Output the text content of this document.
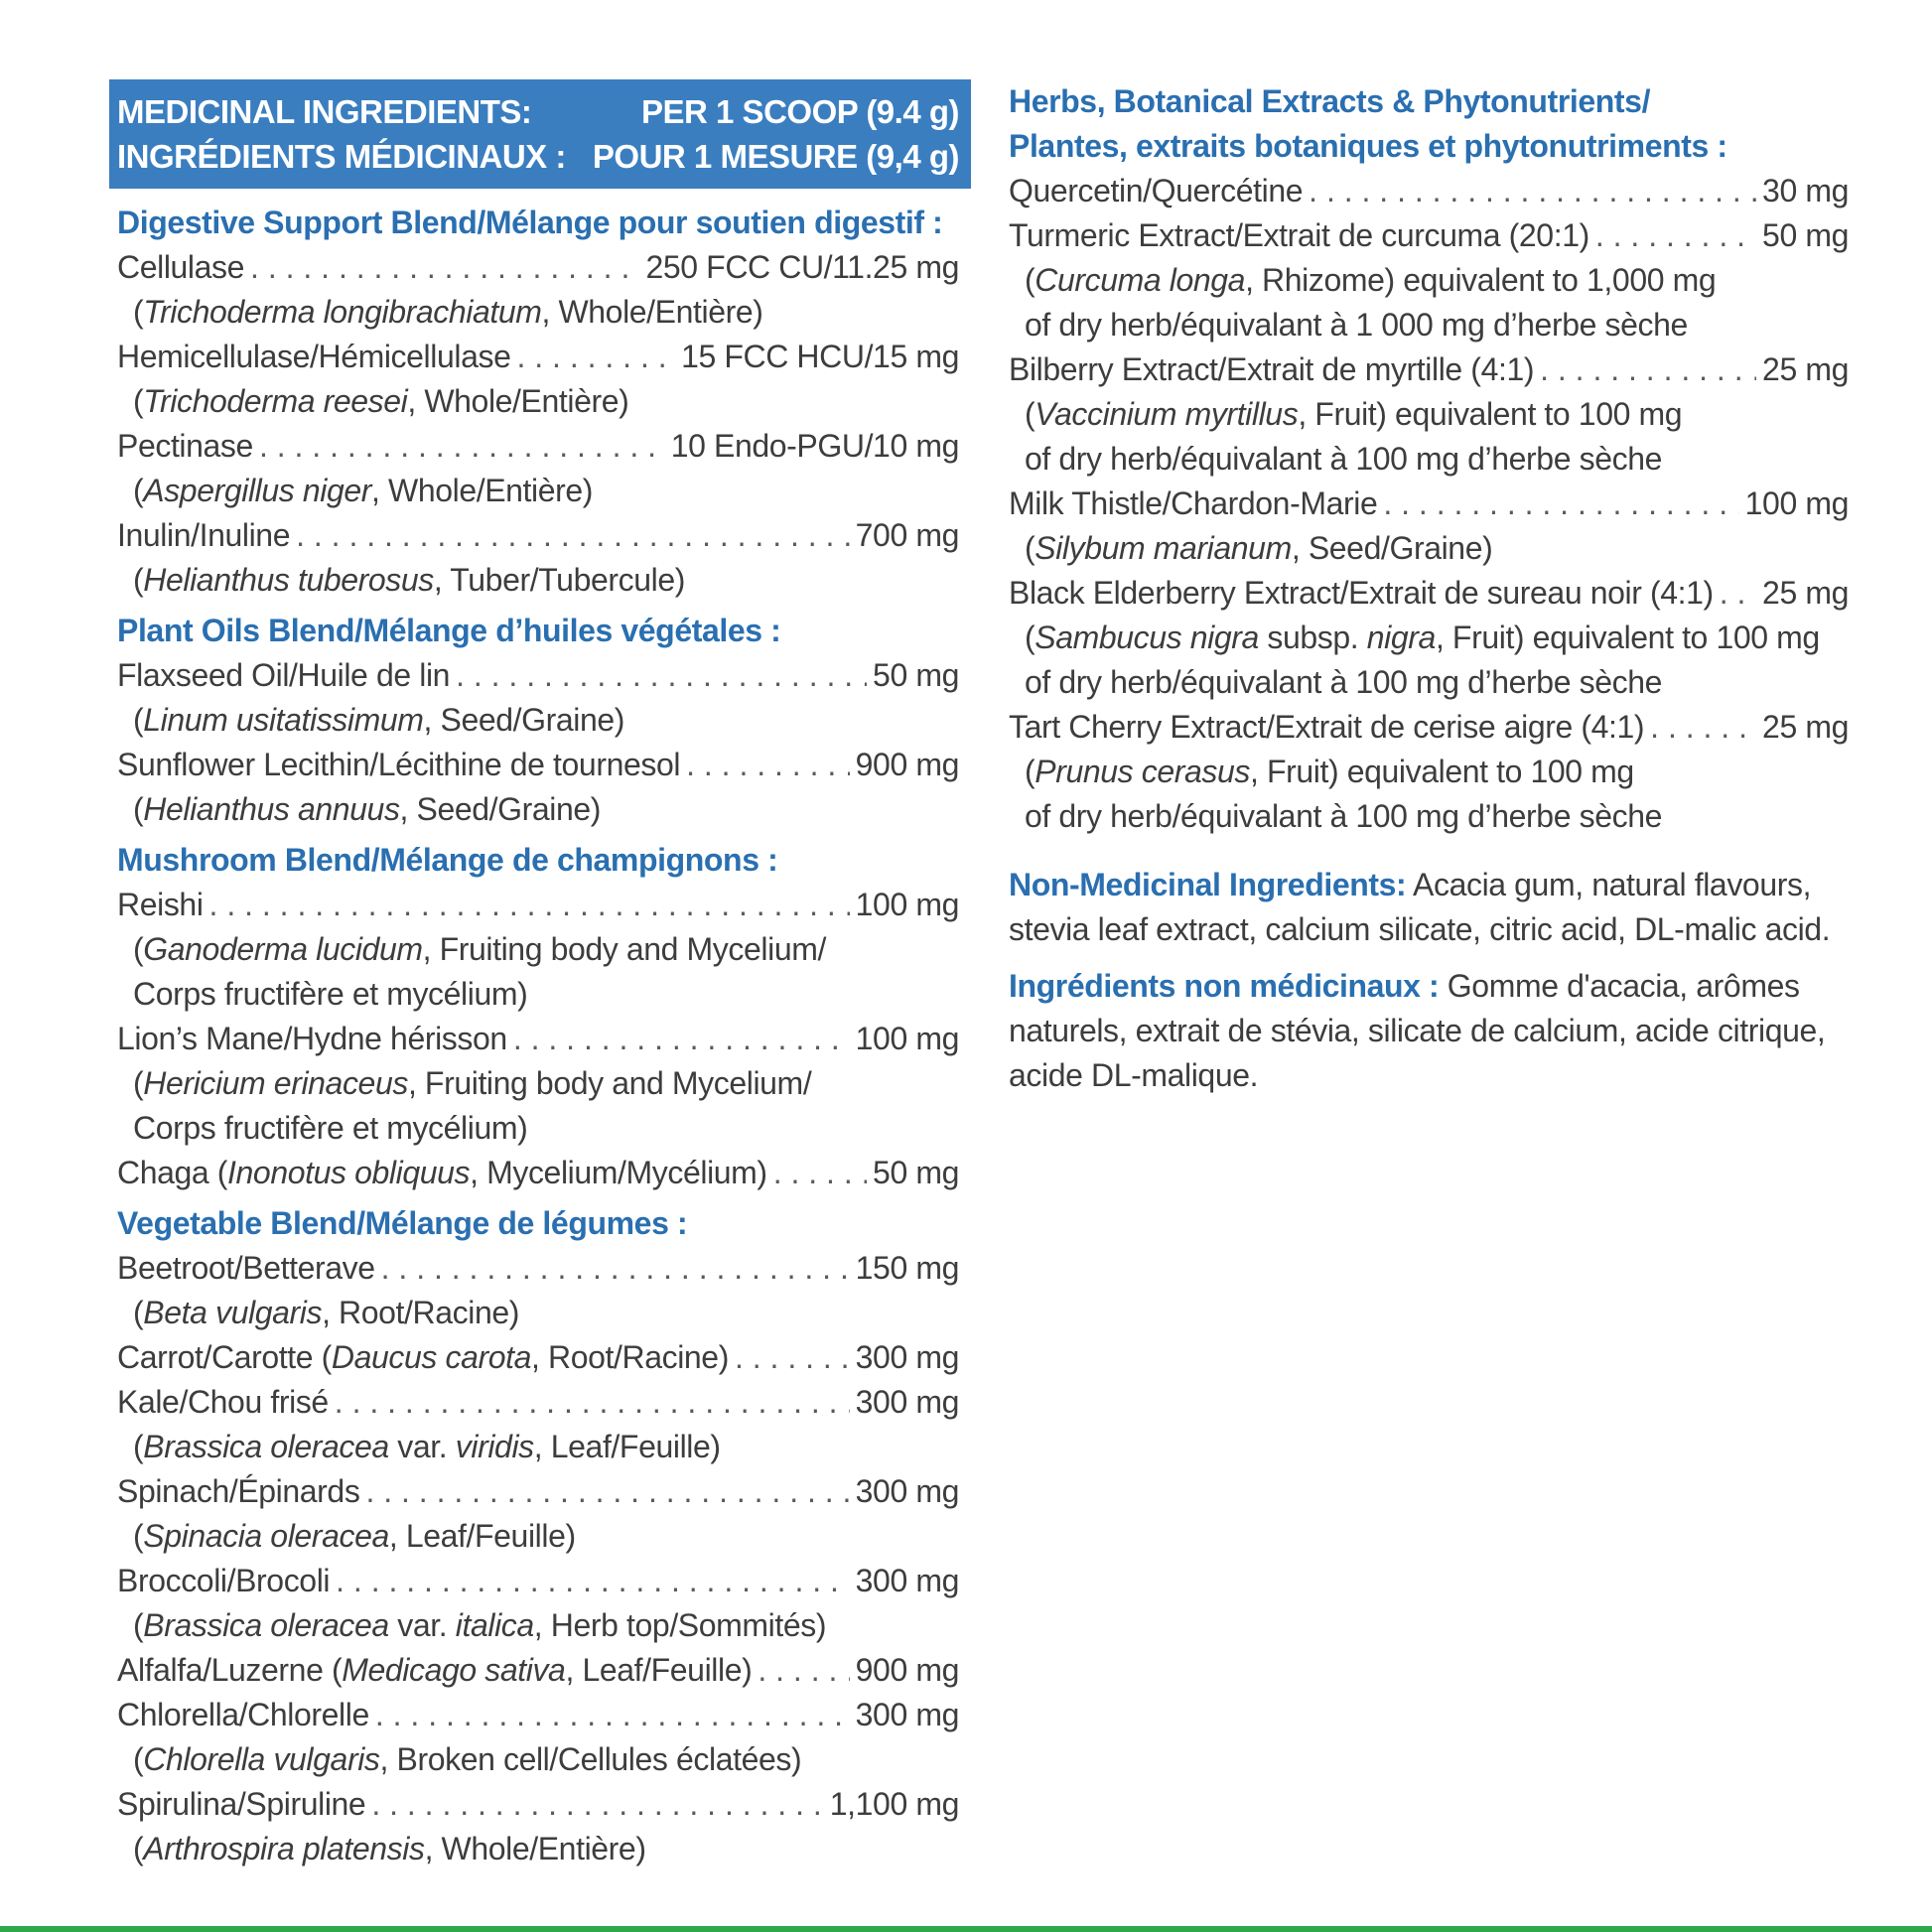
MEDICINAL INGREDIENTS:	PER 1 SCOOP (9.4 g)
INGRÉDIENTS MÉDICINAUX : POUR 1 MESURE (9,4 g)
Digestive Support Blend/Mélange pour soutien digestif :
Cellulase . . .	250 FCC CU/11.25 mg
(Trichoderma longibrachiatum, Whole/Entière)
Hemicellulase/Hémicellulase . . .	15 FCC HCU/15 mg
(Trichoderma reesei, Whole/Entière)
Pectinase . . .	10 Endo-PGU/10 mg
(Aspergillus niger, Whole/Entière)
Inulin/Inuline . . .	700 mg
(Helianthus tuberosus, Tuber/Tubercule)
Plant Oils Blend/Mélange d’huiles végétales :
Flaxseed Oil/Huile de lin . . .	50 mg
(Linum usitatissimum, Seed/Graine)
Sunflower Lecithin/Lécithine de tournesol . . .	900 mg
(Helianthus annuus, Seed/Graine)
Mushroom Blend/Mélange de champignons :
Reishi . . .	100 mg
(Ganoderma lucidum, Fruiting body and Mycelium/
Corps fructifère et mycélium)
Lion’s Mane/Hydne hérisson . . .	100 mg
(Hericium erinaceus, Fruiting body and Mycelium/
Corps fructifère et mycélium)
Chaga (Inonotus obliquus, Mycelium/Mycélium) . . .	50 mg
Vegetable Blend/Mélange de légumes :
Beetroot/Betterave . . .	150 mg
(Beta vulgaris, Root/Racine)
Carrot/Carotte (Daucus carota, Root/Racine) . . .	300 mg
Kale/Chou frisé . . .	300 mg
(Brassica oleracea var. viridis, Leaf/Feuille)
Spinach/Épinards . . .	300 mg
(Spinacia oleracea, Leaf/Feuille)
Broccoli/Brocoli . . .	300 mg
(Brassica oleracea var. italica, Herb top/Sommités)
Alfalfa/Luzerne (Medicago sativa, Leaf/Feuille) . . .	900 mg
Chlorella/Chlorelle . . .	300 mg
(Chlorella vulgaris, Broken cell/Cellules éclatées)
Spirulina/Spiruline . . .	1,100 mg
(Arthrospira platensis, Whole/Entière)
Herbs, Botanical Extracts & Phytonutrients/
Plantes, extraits botaniques et phytonutriments :
Quercetin/Quercétine . . .	30 mg
Turmeric Extract/Extrait de curcuma (20:1) . . .	50 mg
(Curcuma longa, Rhizome) equivalent to 1,000 mg
of dry herb/équivalant à 1 000 mg d’herbe sèche
Bilberry Extract/Extrait de myrtille (4:1) . . .	25 mg
(Vaccinium myrtillus, Fruit) equivalent to 100 mg
of dry herb/équivalant à 100 mg d’herbe sèche
Milk Thistle/Chardon-Marie . . .	100 mg
(Silybum marianum, Seed/Graine)
Black Elderberry Extract/Extrait de sureau noir (4:1) . . . 25 mg
(Sambucus nigra subsp. nigra, Fruit) equivalent to 100 mg
of dry herb/équivalant à 100 mg d’herbe sèche
Tart Cherry Extract/Extrait de cerise aigre (4:1) . . .	25 mg
(Prunus cerasus, Fruit) equivalent to 100 mg
of dry herb/équivalant à 100 mg d’herbe sèche
Non-Medicinal Ingredients: Acacia gum, natural flavours, stevia leaf extract, calcium silicate, citric acid, DL-malic acid.
Ingrédients non médicinaux : Gomme d'acacia, arômes naturels, extrait de stévia, silicate de calcium, acide citrique, acide DL-malique.
